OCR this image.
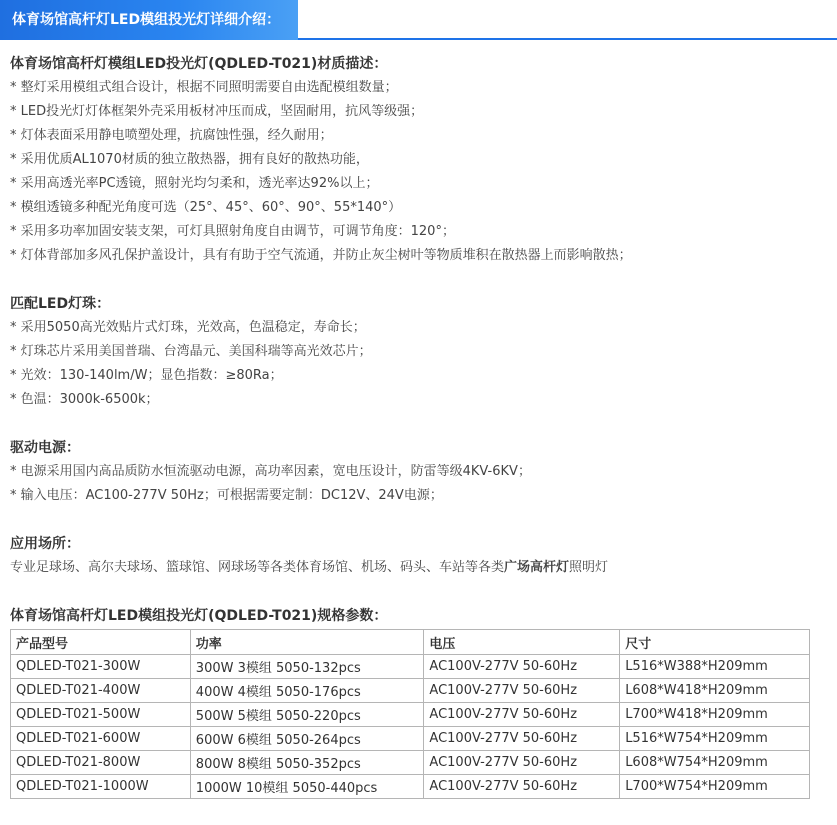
体育场馆高杆灯LED模组投光灯详细介绍：

体育场馆高杆灯模组LED投光灯(QDLED-T021)材质描述：

* 整灯采用模组式组合设计，根据不同照明需要自由选配模组数量；

* LED投光灯灯体框架外壳采用板材冲压而成，坚固耐用，抗风等级强；

* 灯体表面采用静电喷塑处理，抗腐蚀性强，经久耐用；

* 采用优质AL1070材质的独立散热器，拥有良好的散热功能，

* 采用高透光率PC透镜，照射光均匀柔和，透光率达92%以上；

* 模组透镜多种配光角度可选（25°、45°、60°、90°、55*140°）

* 采用多功率加固安装支架，可灯具照射角度自由调节，可调节角度：120°；

* 灯体背部加多风孔保护盖设计，具有有助于空气流通，并防止灰尘树叶等物质堆积在散热器上而影响散热；

匹配LED灯珠：

* 采用5050高光效贴片式灯珠，光效高，色温稳定，寿命长；

* 灯珠芯片采用美国普瑞、台湾晶元、美国科瑞等高光效芯片；

* 光效：130-140lm/W；显色指数：≥80Ra；

* 色温：3000k-6500k；

驱动电源：

* 电源采用国内高品质防水恒流驱动电源，高功率因素，宽电压设计，防雷等级4KV-6KV；

* 输入电压：AC100-277V 50Hz；可根据需要定制：DC12V、24V电源；

应用场所：

专业足球场、高尔夫球场、篮球馆、网球场等各类体育场馆、机场、码头、车站等各类广场高杆灯照明灯

体育场馆高杆灯LED模组投光灯(QDLED-T021)规格参数：

产品型号	功率	电压	尺寸
QDLED-T021-300W	300W 3模组 5050-132pcs	AC100V-277V 50-60Hz	L516*W388*H209mm
QDLED-T021-400W	400W 4模组 5050-176pcs	AC100V-277V 50-60Hz	L608*W418*H209mm
QDLED-T021-500W	500W 5模组 5050-220pcs	AC100V-277V 50-60Hz	L700*W418*H209mm
QDLED-T021-600W	600W 6模组 5050-264pcs	AC100V-277V 50-60Hz	L516*W754*H209mm
QDLED-T021-800W	800W 8模组 5050-352pcs	AC100V-277V 50-60Hz	L608*W754*H209mm
QDLED-T021-1000W	1000W 10模组 5050-440pcs	AC100V-277V 50-60Hz	L700*W754*H209mm
